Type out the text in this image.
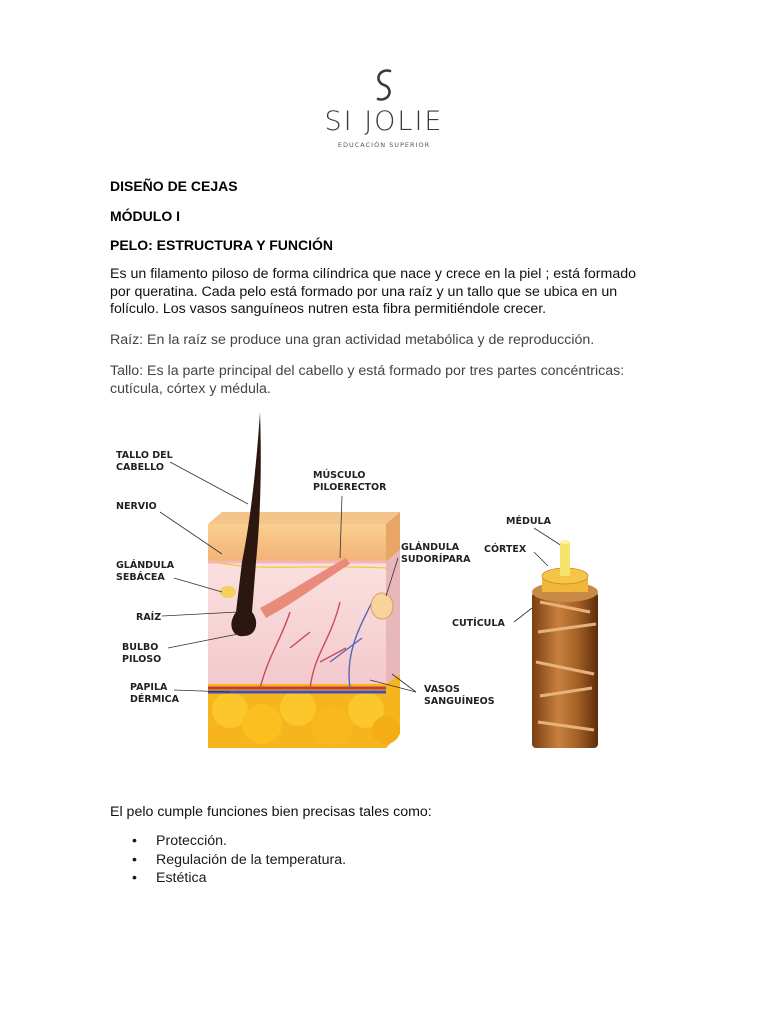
SI JOLIE
EDUCACIÓN SUPERIOR
DISEÑO DE CEJAS
MÓDULO I
PELO: ESTRUCTURA Y FUNCIÓN
Es un filamento piloso de forma cilíndrica que nace y crece en la piel ; está formado por queratina. Cada pelo está formado por una raíz y un tallo que se ubica en un folículo. Los vasos sanguíneos nutren esta fibra permitiéndole crecer.
Raíz: En la raíz se produce una gran actividad metabólica y de reproducción.
Tallo: Es la parte principal del cabello y está formado por tres partes concéntricas: cutícula, córtex y médula.
TALLO DEL
CABELLO
NERVIO
GLÁNDULA
SEBÁCEA
RAÍZ
BULBO
PILOSO
PAPILA
DÉRMICA
MÚSCULO
PILOERECTOR
GLÁNDULA
SUDORÍPARA
VASOS
SANGUÍNEOS
MÉDULA
CÓRTEX
CUTÍCULA
El pelo cumple funciones bien precisas tales como:
• Protección.
• Regulación de la temperatura.
• Estética
